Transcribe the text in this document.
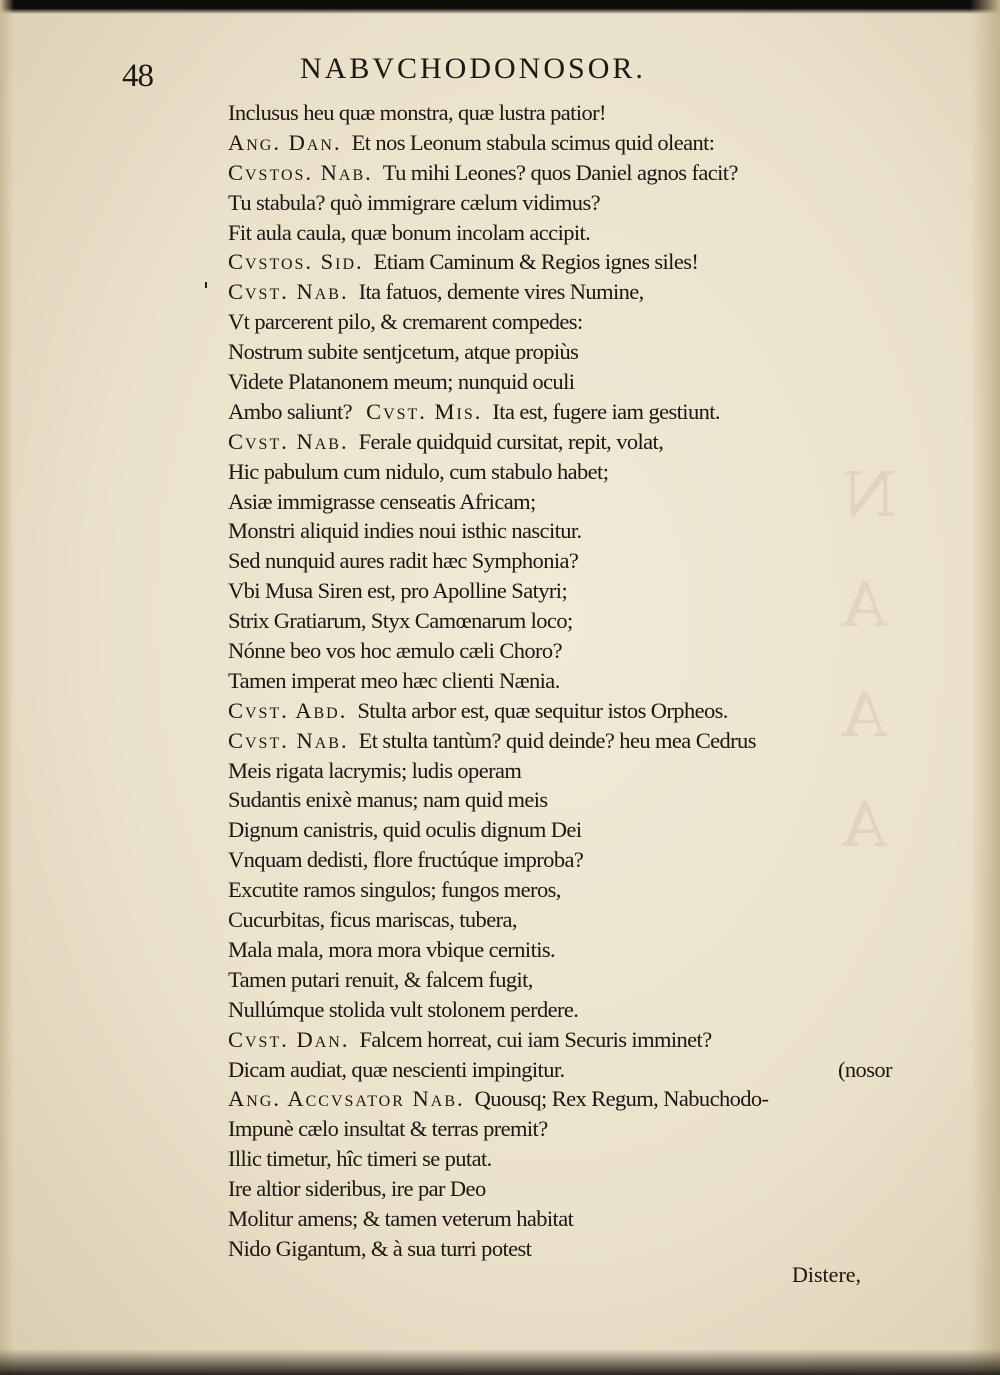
N
A
A
A
48	NABVCHODONOSOR.
Inclusus heu quæ monstra, quæ lustra patior!
Ang. Dan. Et nos Leonum stabula scimus quid oleant:
Cvstos. Nab. Tu mihi Leones? quos Daniel agnos facit?
Tu stabula? quò immigrare cælum vidimus?
Fit aula caula, quæ bonum incolam accipit.
Cvstos. Sid. Etiam Caminum & Regios ignes siles!
Cvst. Nab. Ita fatuos, demente vires Numine,
Vt parcerent pilo, & cremarent compedes:
Nostrum subite sentjcetum, atque propiùs
Videte Platanonem meum; nunquid oculi
Ambo saliunt? Cvst. Mis. Ita est, fugere iam gestiunt.
Cvst. Nab. Ferale quidquid cursitat, repit, volat,
Hic pabulum cum nidulo, cum stabulo habet;
Asiæ immigrasse censeatis Africam;
Monstri aliquid indies noui isthic nascitur.
Sed nunquid aures radit hæc Symphonia?
Vbi Musa Siren est, pro Apolline Satyri;
Strix Gratiarum, Styx Camœnarum loco;
Nónne beo vos hoc æmulo cæli Choro?
Tamen imperat meo hæc clienti Nænia.
Cvst. Abd. Stulta arbor est, quæ sequitur istos Orpheos.
Cvst. Nab. Et stulta tantùm? quid deinde? heu mea Cedrus
Meis rigata lacrymis; ludis operam
Sudantis enixè manus; nam quid meis
Dignum canistris, quid oculis dignum Dei
Vnquam dedisti, flore fructúque improba?
Excutite ramos singulos; fungos meros,
Cucurbitas, ficus mariscas, tubera,
Mala mala, mora mora vbique cernitis.
Tamen putari renuit, & falcem fugit,
Nullúmque stolida vult stolonem perdere.
Cvst. Dan. Falcem horreat, cui iam Securis imminet?
Dicam audiat, quæ nescienti impingitur.	(nosor
Ang. Accvsator Nab. Quousq; Rex Regum, Nabuchodo-
Impunè cælo insultat & terras premit?
Illic timetur, hîc timeri se putat.
Ire altior sideribus, ire par Deo
Molitur amens; & tamen veterum habitat
Nido Gigantum, & à sua turri potest
Distere,
